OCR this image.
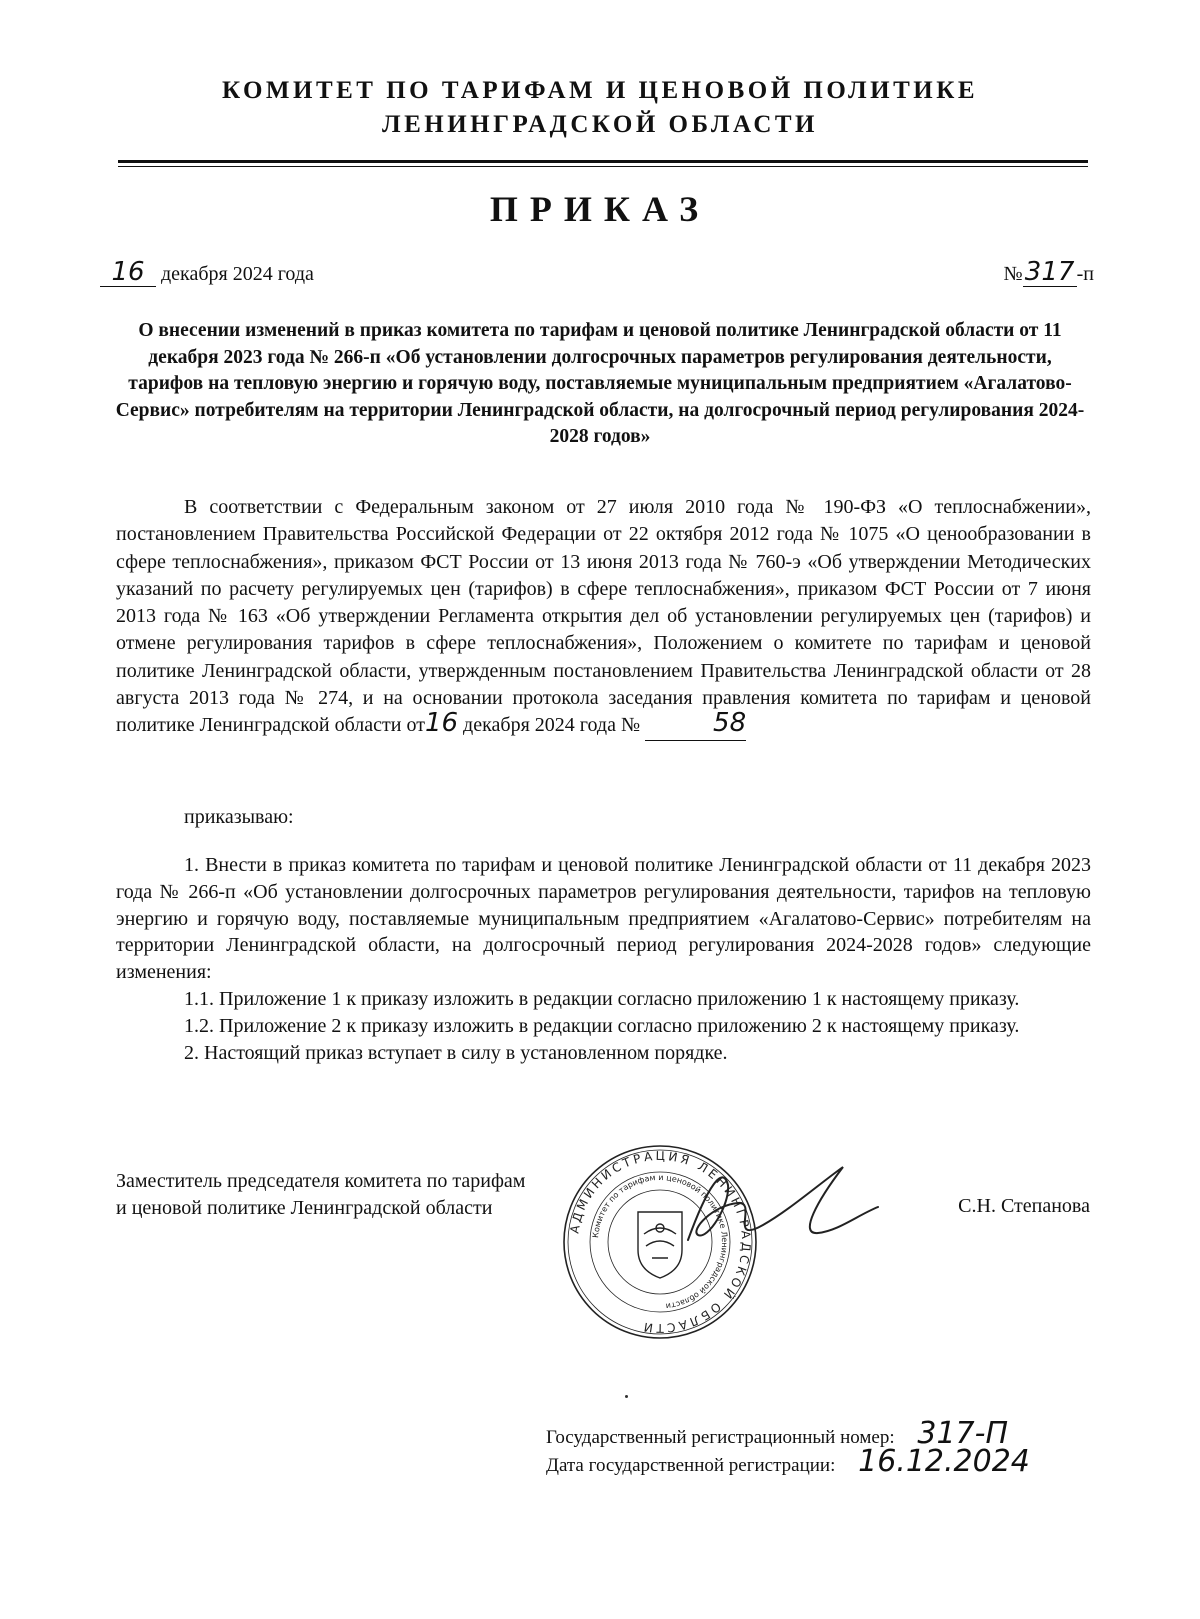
КОМИТЕТ ПО ТАРИФАМ И ЦЕНОВОЙ ПОЛИТИКЕ
ЛЕНИНГРАДСКОЙ ОБЛАСТИ
ПРИКАЗ
16 декабря 2024 года	№317 -п
О внесении изменений в приказ комитета по тарифам и ценовой политике Ленинградской области от 11 декабря 2023 года № 266-п «Об установлении долгосрочных параметров регулирования деятельности, тарифов на тепловую энергию и горячую воду, поставляемые муниципальным предприятием «Агалатово-Сервис» потребителям на территории Ленинградской области, на долгосрочный период регулирования 2024-2028 годов»
В соответствии с Федеральным законом от 27 июля 2010 года № 190-ФЗ «О теплоснабжении», постановлением Правительства Российской Федерации от 22 октября 2012 года № 1075 «О ценообразовании в сфере теплоснабжения», приказом ФСТ России от 13 июня 2013 года № 760-э «Об утверждении Методических указаний по расчету регулируемых цен (тарифов) в сфере теплоснабжения», приказом ФСТ России от 7 июня 2013 года № 163 «Об утверждении Регламента открытия дел об установлении регулируемых цен (тарифов) и отмене регулирования тарифов в сфере теплоснабжения», Положением о комитете по тарифам и ценовой политике Ленинградской области, утвержденным постановлением Правительства Ленинградской области от 28 августа 2013 года № 274, и на основании протокола заседания правления комитета по тарифам и ценовой политике Ленинградской области от16 декабря 2024 года №	58
приказываю:

1. Внести в приказ комитета по тарифам и ценовой политике Ленинградской области от 11 декабря 2023 года № 266-п «Об установлении долгосрочных параметров регулирования деятельности, тарифов на тепловую энергию и горячую воду, поставляемые муниципальным предприятием «Агалатово-Сервис» потребителям на территории Ленинградской области, на долгосрочный период регулирования 2024-2028 годов» следующие изменения:

1.1. Приложение 1 к приказу изложить в редакции согласно приложению 1 к настоящему приказу.

1.2. Приложение 2 к приказу изложить в редакции согласно приложению 2 к настоящему приказу.

2. Настоящий приказ вступает в силу в установленном порядке.

Заместитель председателя комитета по тарифам
и ценовой политике Ленинградской области
АДМИНИСТРАЦИЯ ЛЕНИНГРАДСКОЙ ОБЛАСТИ
Комитет по тарифам и ценовой политике Ленинградской области
С.Н. Степанова
Государственный регистрационный номер: 317-П
Дата государственной регистрации: 16.12.2024
